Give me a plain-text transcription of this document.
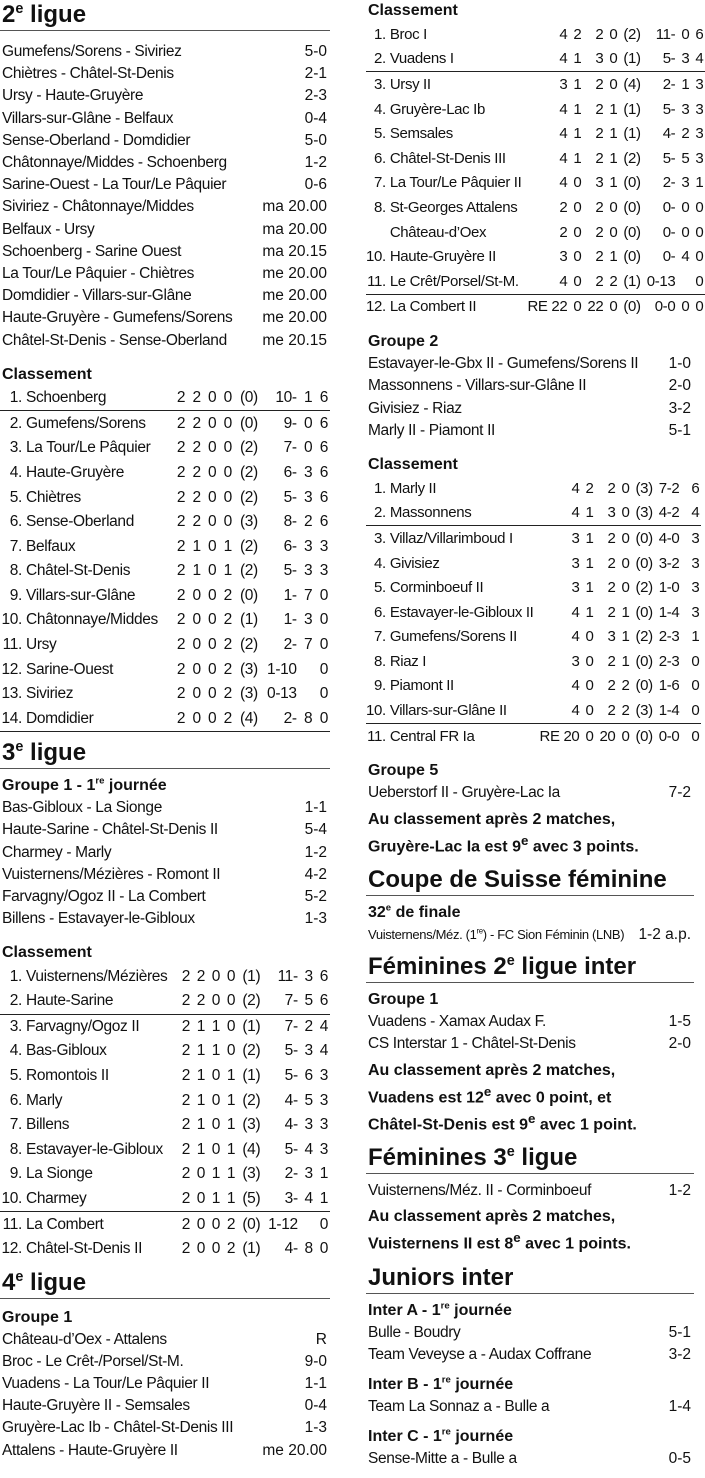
2e ligue
Gumefens/Sorens - Siviriez	5-0
Chiètres - Châtel-St-Denis	2-1
Ursy - Haute-Gruyère	2-3
Villars-sur-Glâne - Belfaux	0-4
Sense-Oberland - Domdidier	5-0
Châtonnaye/Middes - Schoenberg	1-2
Sarine-Ouest - La Tour/Le Pâquier	0-6
Siviriez - Châtonnaye/Middes	ma 20.00
Belfaux - Ursy	ma 20.00
Schoenberg - Sarine Ouest	ma 20.15
La Tour/Le Pâquier - Chiètres	me 20.00
Domdidier - Villars-sur-Glâne	me 20.00
Haute-Gruyère - Gumefens/Sorens me 20.00
Châtel-St-Denis - Sense-Oberland me 20.15
Classement
1.	Schoenberg	2	2	0	0	(0)	10-	1	6
2.	Gumefens/Sorens	2	2	0	0	(0)	9-	0	6
3.	La Tour/Le Pâquier	2	2	0	0	(2)	7-	0	6
4.	Haute-Gruyère	2	2	0	0	(2)	6-	3	6
5.	Chiètres	2	2	0	0	(2)	5-	3	6
6.	Sense-Oberland	2	2	0	0	(3)	8-	2	6
7.	Belfaux	2	1	0	1	(2)	6-	3	3
8.	Châtel-St-Denis	2	1	0	1	(2)	5-	3	3
9.	Villars-sur-Glâne	2	0	0	2	(0)	1-	7	0
10.	Châtonnaye/Middes	2	0	0	2	(1)	1-	3	0
11.	Ursy	2	0	0	2	(2)	2-	7	0
12.	Sarine-Ouest	2	0	0	2	(3)	1-10		0
13.	Siviriez	2	0	0	2	(3)	0-13		0
14.	Domdidier	2	0	0	2	(4)	2-	8	0
3e ligue
Groupe 1 - 1re journée
Bas-Gibloux - La Sionge	1-1
Haute-Sarine - Châtel-St-Denis II	5-4
Charmey - Marly	1-2
Vuisternens/Mézières - Romont II	4-2
Farvagny/Ogoz II - La Combert	5-2
Billens - Estavayer-le-Gibloux	1-3
Classement
1.	Vuisternens/Mézières	2	2	0	0	(1)	11-	3	6
2.	Haute-Sarine	2	2	0	0	(2)	7-	5	6
3.	Farvagny/Ogoz II	2	1	1	0	(1)	7-	2	4
4.	Bas-Gibloux	2	1	1	0	(2)	5-	3	4
5.	Romontois II	2	1	0	1	(1)	5-	6	3
6.	Marly	2	1	0	1	(2)	4-	5	3
7.	Billens	2	1	0	1	(3)	4-	3	3
8.	Estavayer-le-Gibloux	2	1	0	1	(4)	5-	4	3
9.	La Sionge	2	0	1	1	(3)	2-	3	1
10.	Charmey	2	0	1	1	(5)	3-	4	1
11.	La Combert	2	0	0	2	(0)	1-12		0
12.	Châtel-St-Denis II	2	0	0	2	(1)	4-	8	0
4e ligue
Groupe 1
Château-d’Oex - Attalens	R
Broc - Le Crêt-/Porsel/St-M.	9-0
Vuadens - La Tour/Le Pâquier II	1-1
Haute-Gruyère II - Semsales	0-4
Gruyère-Lac Ib - Châtel-St-Denis III	1-3
Attalens - Haute-Gruyère II	me 20.00
Classement
1.	Broc I	4	2	2	0	(2)	11-	0	6
2.	Vuadens I	4	1	3	0	(1)	5-	3	4
3.	Ursy II	3	1	2	0	(4)	2-	1	3
4.	Gruyère-Lac Ib	4	1	2	1	(1)	5-	3	3
5.	Semsales	4	1	2	1	(1)	4-	2	3
6.	Châtel-St-Denis III	4	1	2	1	(2)	5-	5	3
7.	La Tour/Le Pâquier II	4	0	3	1	(0)	2-	3	1
8.	St-Georges Attalens	2	0	2	0	(0)	0-	0	0
	Château-d’Oex	2	0	2	0	(0)	0-	0	0
10.	Haute-Gruyère II	3	0	2	1	(0)	0-	4	0
11.	Le Crêt/Porsel/St-M.	4	0	2	2	(1)	0-13		0
12.	La Combert II	RE 22	0	22	0	(0)	0-0	0	0
Groupe 2
Estavayer-le-Gbx II - Gumefens/Sorens II 1-0
Massonnens - Villars-sur-Glâne II	2-0
Givisiez - Riaz	3-2
Marly II - Piamont II	5-1
Classement
1.	Marly II	4	2	2	0	(3)	7-2		6
2.	Massonnens	4	1	3	0	(3)	4-2		4
3.	Villaz/Villarimboud I	3	1	2	0	(0)	4-0		3
4.	Givisiez	3	1	2	0	(0)	3-2		3
5.	Corminboeuf II	3	1	2	0	(2)	1-0		3
6.	Estavayer-le-Gibloux II	4	1	2	1	(0)	1-4		3
7.	Gumefens/Sorens II	4	0	3	1	(2)	2-3		1
8.	Riaz I	3	0	2	1	(0)	2-3		0
9.	Piamont II	4	0	2	2	(0)	1-6		0
10.	Villars-sur-Glâne II	4	0	2	2	(3)	1-4		0
11.	Central FR Ia	RE 20	0	20	0	(0)	0-0		0
Groupe 5
Ueberstorf II - Gruyère-Lac Ia	7-2
Au classement après 2 matches,
Gruyère-Lac Ia est 9e avec 3 points.
Coupe de Suisse féminine
32e de finale
Vuisternens/Méz. (1re) - FC Sion Féminin (LNB) 1-2 a.p.
Féminines 2e ligue inter
Groupe 1
Vuadens - Xamax Audax F.	1-5
CS Interstar 1 - Châtel-St-Denis	2-0
Au classement après 2 matches,
Vuadens est 12e avec 0 point, et
Châtel-St-Denis est 9e avec 1 point.
Féminines 3e ligue
Vuisternens/Méz. II - Corminboeuf	1-2
Au classement après 2 matches,
Vuisternens II est 8e avec 1 points.
Juniors inter
Inter A - 1re journée
Bulle - Boudry	5-1
Team Veveyse a - Audax Coffrane	3-2
Inter B - 1re journée
Team La Sonnaz a - Bulle a	1-4
Inter C - 1re journée
Sense-Mitte a - Bulle a	0-5
